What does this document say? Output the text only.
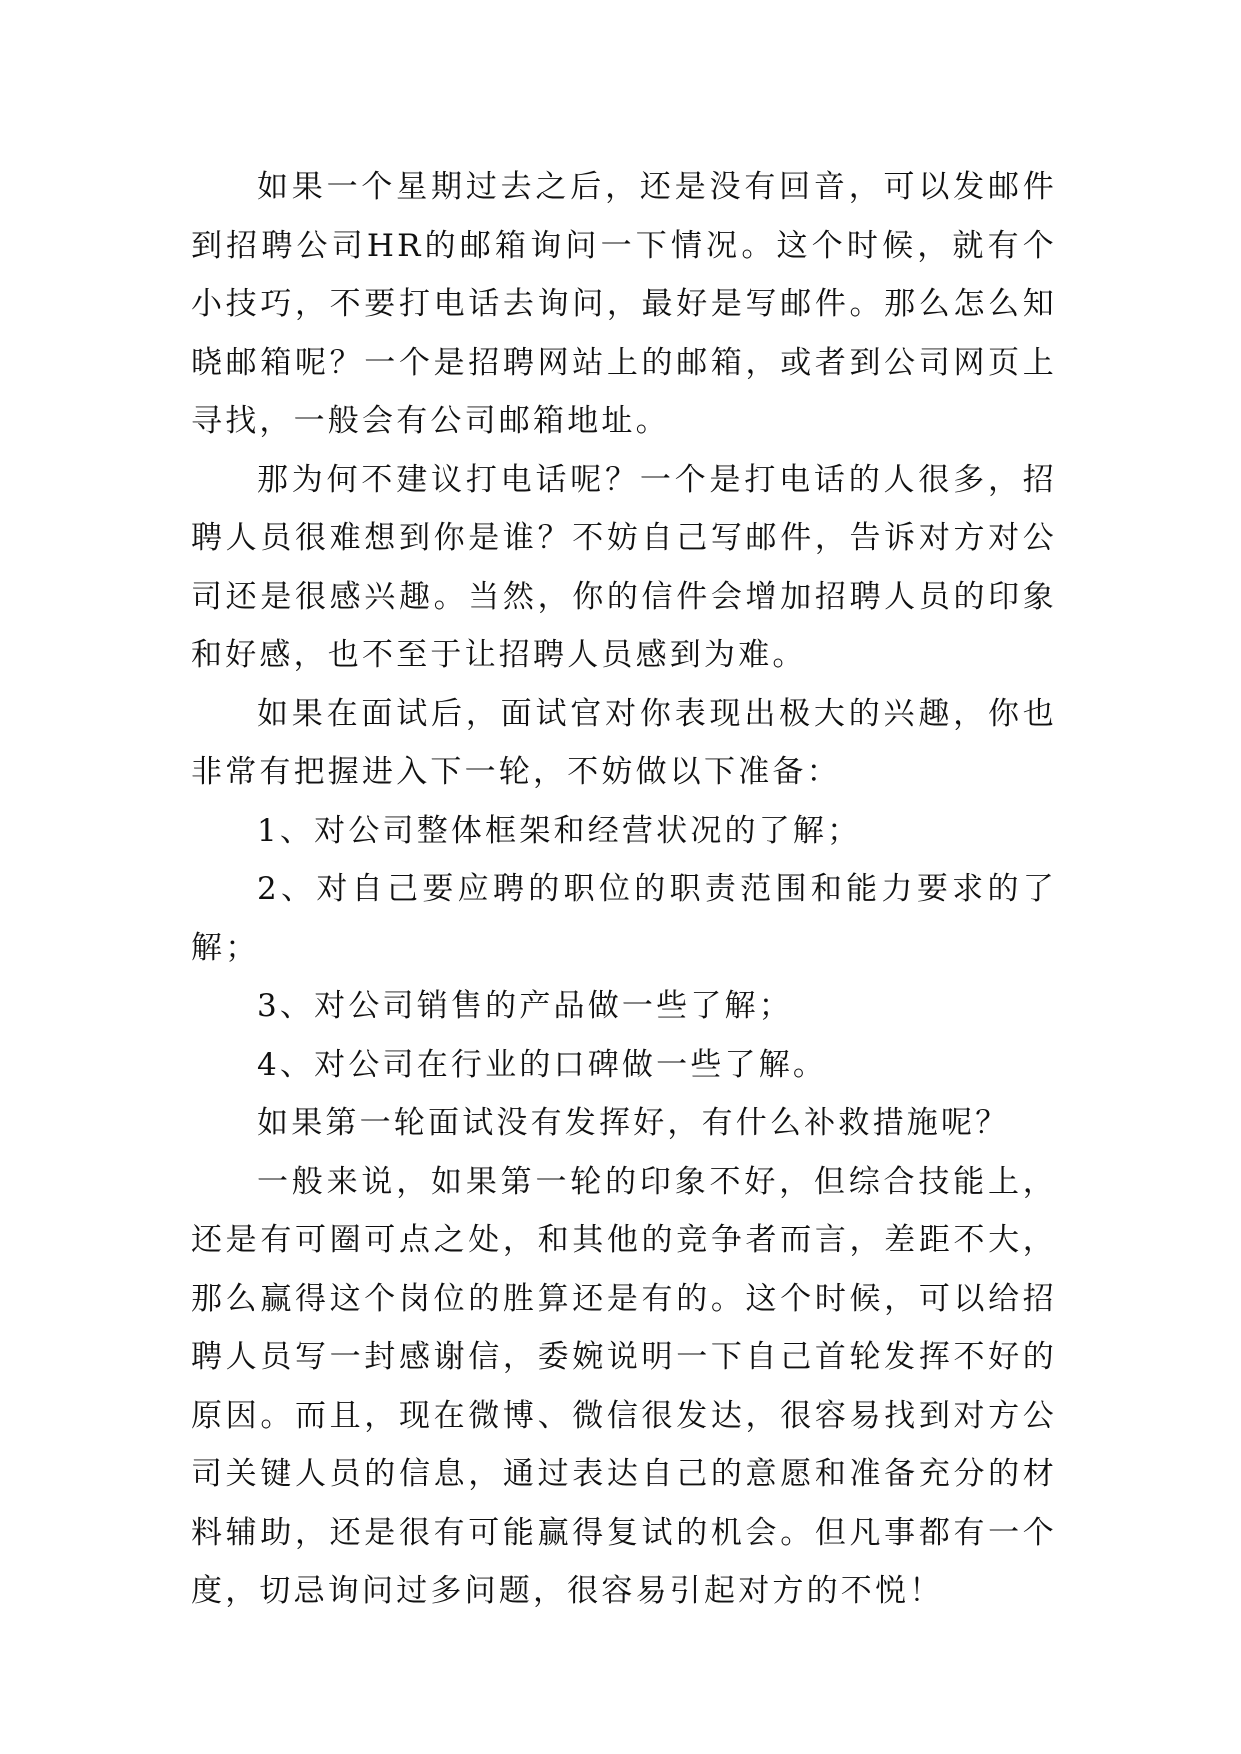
如果一个星期过去之后，还是没有回音，可以发邮件到招聘公司HR的邮箱询问一下情况。这个时候，就有个小技巧，不要打电话去询问，最好是写邮件。那么怎么知晓邮箱呢？一个是招聘网站上的邮箱，或者到公司网页上寻找，一般会有公司邮箱地址。

那为何不建议打电话呢？一个是打电话的人很多，招聘人员很难想到你是谁？不妨自己写邮件，告诉对方对公司还是很感兴趣。当然，你的信件会增加招聘人员的印象和好感，也不至于让招聘人员感到为难。

如果在面试后，面试官对你表现出极大的兴趣，你也非常有把握进入下一轮，不妨做以下准备：

1、对公司整体框架和经营状况的了解；

2、对自己要应聘的职位的职责范围和能力要求的了解；

3、对公司销售的产品做一些了解；

4、对公司在行业的口碑做一些了解。

如果第一轮面试没有发挥好，有什么补救措施呢？

一般来说，如果第一轮的印象不好，但综合技能上，还是有可圈可点之处，和其他的竞争者而言，差距不大，那么赢得这个岗位的胜算还是有的。这个时候，可以给招聘人员写一封感谢信，委婉说明一下自己首轮发挥不好的原因。而且，现在微博、微信很发达，很容易找到对方公司关键人员的信息，通过表达自己的意愿和准备充分的材料辅助，还是很有可能赢得复试的机会。但凡事都有一个度，切忌询问过多问题，很容易引起对方的不悦！
